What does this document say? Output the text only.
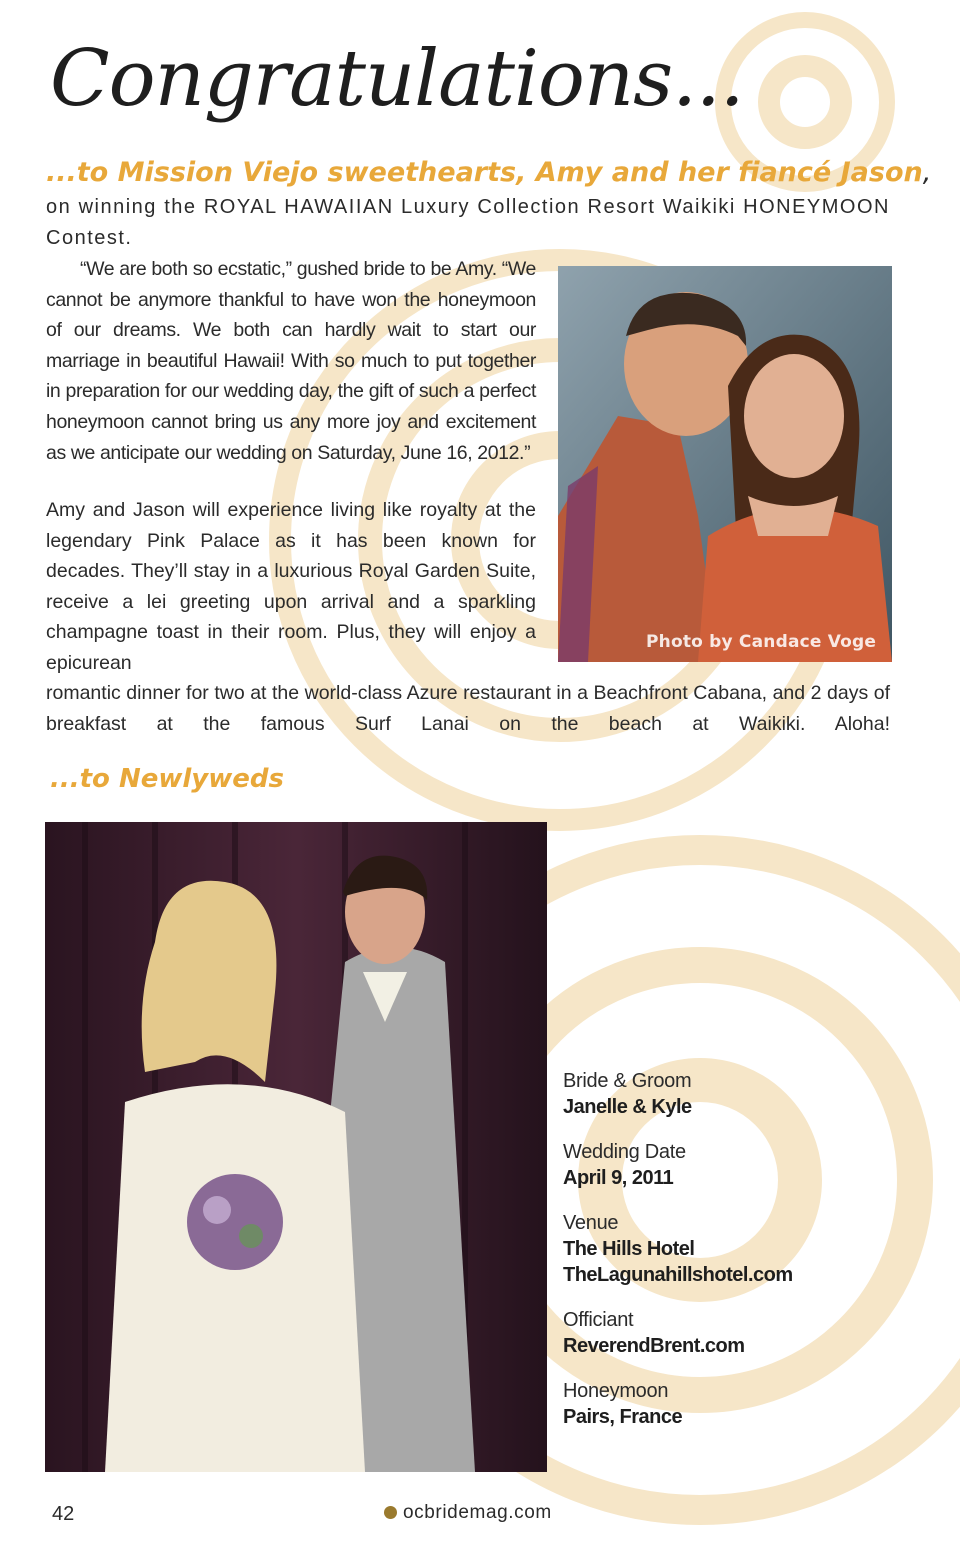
Congratulations...
...to Mission Viejo sweethearts, Amy and her fiancé Jason,
on winning the ROYAL HAWAIIAN Luxury Collection Resort Waikiki HONEYMOON Contest.

“We are both so ecstatic,” gushed bride to be Amy. “We cannot be anymore thankful to have won the honeymoon of our dreams. We both can hardly wait to start our marriage in beautiful Hawaii! With so much to put together in preparation for our wedding day, the gift of such a perfect honeymoon cannot bring us any more joy and excitement as we anticipate our wedding on Saturday, June 16, 2012.”

Amy and Jason will experience living like royalty at the legendary Pink Palace as it has been known for decades. They’ll stay in a luxurious Royal Garden Suite, receive a lei greeting upon arrival and a sparkling champagne toast in their room. Plus, they will enjoy a epicurean
Photo by Candace Voge
romantic dinner for two at the world-class Azure restaurant in a Beachfront Cabana, and 2 days of breakfast at the famous Surf Lanai on the beach at Waikiki. Aloha!
...to Newlyweds
Bride & Groom
Janelle & Kyle
Wedding Date
April 9, 2011
Venue
The Hills Hotel
TheLagunahillshotel.com
Officiant
ReverendBrent.com
Honeymoon
Pairs, France
42	ocbridemag.com
